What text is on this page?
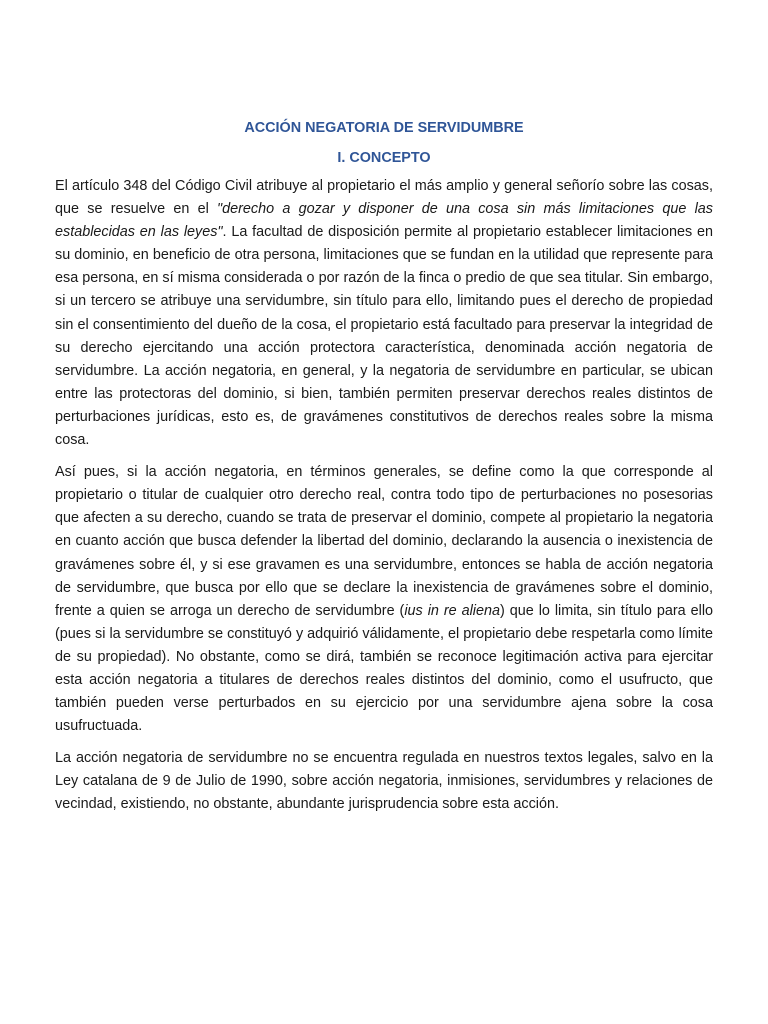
ACCIÓN NEGATORIA DE SERVIDUMBRE
I. CONCEPTO

El artículo 348 del Código Civil atribuye al propietario el más amplio y general señorío sobre las cosas, que se resuelve en el "derecho a gozar y disponer de una cosa sin más limitaciones que las establecidas en las leyes". La facultad de disposición permite al propietario establecer limitaciones en su dominio, en beneficio de otra persona, limitaciones que se fundan en la utilidad que represente para esa persona, en sí misma considerada o por razón de la finca o predio de que sea titular. Sin embargo, si un tercero se atribuye una servidumbre, sin título para ello, limitando pues el derecho de propiedad sin el consentimiento del dueño de la cosa, el propietario está facultado para preservar la integridad de su derecho ejercitando una acción protectora característica, denominada acción negatoria de servidumbre. La acción negatoria, en general, y la negatoria de servidumbre en particular, se ubican entre las protectoras del dominio, si bien, también permiten preservar derechos reales distintos de perturbaciones jurídicas, esto es, de gravámenes constitutivos de derechos reales sobre la misma cosa.

Así pues, si la acción negatoria, en términos generales, se define como la que corresponde al propietario o titular de cualquier otro derecho real, contra todo tipo de perturbaciones no posesorias que afecten a su derecho, cuando se trata de preservar el dominio, compete al propietario la negatoria en cuanto acción que busca defender la libertad del dominio, declarando la ausencia o inexistencia de gravámenes sobre él, y si ese gravamen es una servidumbre, entonces se habla de acción negatoria de servidumbre, que busca por ello que se declare la inexistencia de gravámenes sobre el dominio, frente a quien se arroga un derecho de servidumbre (ius in re aliena) que lo limita, sin título para ello (pues si la servidumbre se constituyó y adquirió válidamente, el propietario debe respetarla como límite de su propiedad). No obstante, como se dirá, también se reconoce legitimación activa para ejercitar esta acción negatoria a titulares de derechos reales distintos del dominio, como el usufructo, que también pueden verse perturbados en su ejercicio por una servidumbre ajena sobre la cosa usufructuada.

La acción negatoria de servidumbre no se encuentra regulada en nuestros textos legales, salvo en la Ley catalana de 9 de Julio de 1990, sobre acción negatoria, inmisiones, servidumbres y relaciones de vecindad, existiendo, no obstante, abundante jurisprudencia sobre esta acción.
